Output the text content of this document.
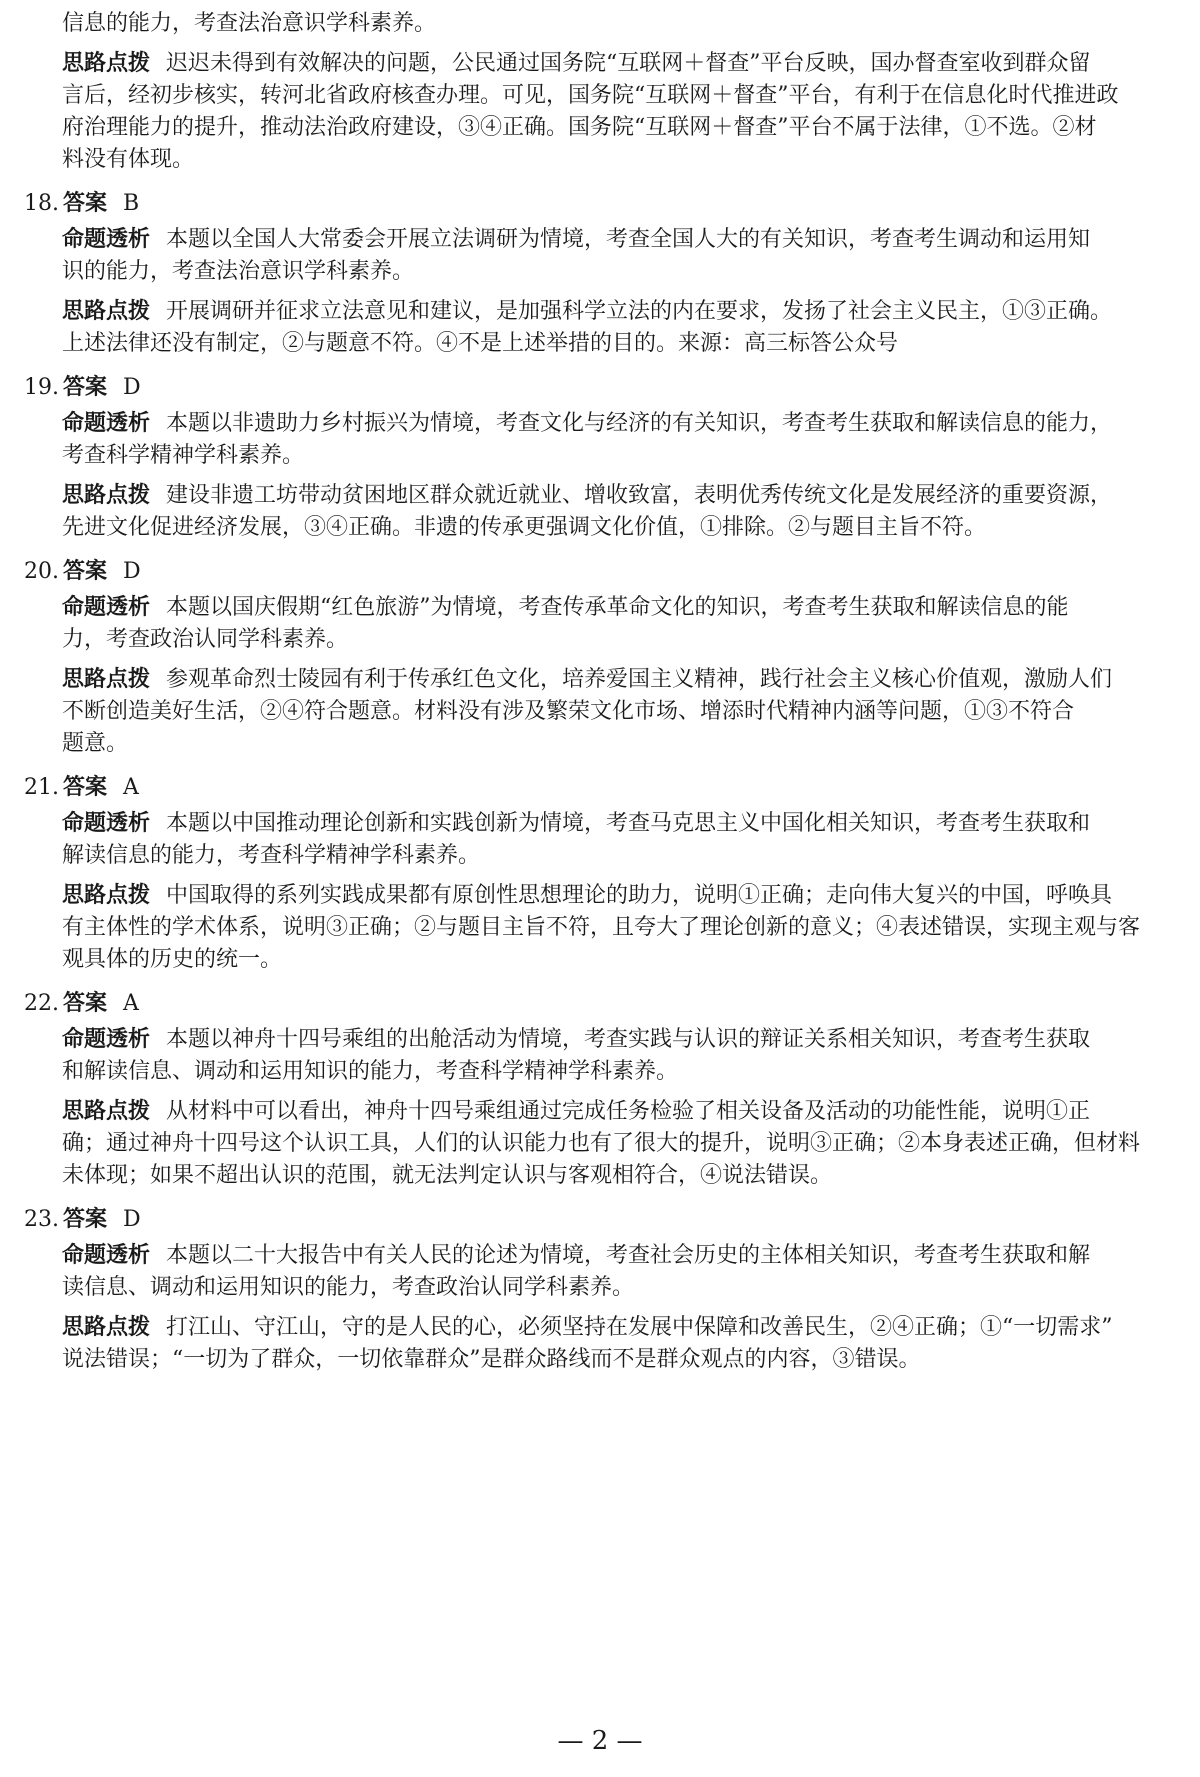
信息的能力，考查法治意识学科素养。
思路点拨 迟迟未得到有效解决的问题，公民通过国务院“互联网＋督查”平台反映，国办督查室收到群众留
言后，经初步核实，转河北省政府核查办理。可见，国务院“互联网＋督查”平台，有利于在信息化时代推进政
府治理能力的提升，推动法治政府建设，③④正确。国务院“互联网＋督查”平台不属于法律，①不选。②材
料没有体现。
18. 答案 B
命题透析 本题以全国人大常委会开展立法调研为情境，考查全国人大的有关知识，考查考生调动和运用知
识的能力，考查法治意识学科素养。
思路点拨 开展调研并征求立法意见和建议，是加强科学立法的内在要求，发扬了社会主义民主，①③正确。
上述法律还没有制定，②与题意不符。④不是上述举措的目的。来源：高三标答公众号
19. 答案 D
命题透析 本题以非遗助力乡村振兴为情境，考查文化与经济的有关知识，考查考生获取和解读信息的能力，
考查科学精神学科素养。
思路点拨 建设非遗工坊带动贫困地区群众就近就业、增收致富，表明优秀传统文化是发展经济的重要资源，
先进文化促进经济发展，③④正确。非遗的传承更强调文化价值，①排除。②与题目主旨不符。
20. 答案 D
命题透析 本题以国庆假期“红色旅游”为情境，考查传承革命文化的知识，考查考生获取和解读信息的能
力，考查政治认同学科素养。
思路点拨 参观革命烈士陵园有利于传承红色文化，培养爱国主义精神，践行社会主义核心价值观，激励人们
不断创造美好生活，②④符合题意。材料没有涉及繁荣文化市场、增添时代精神内涵等问题，①③不符合
题意。
21. 答案 A
命题透析 本题以中国推动理论创新和实践创新为情境，考查马克思主义中国化相关知识，考查考生获取和
解读信息的能力，考查科学精神学科素养。
思路点拨 中国取得的系列实践成果都有原创性思想理论的助力，说明①正确；走向伟大复兴的中国，呼唤具
有主体性的学术体系，说明③正确；②与题目主旨不符，且夸大了理论创新的意义；④表述错误，实现主观与客
观具体的历史的统一。
22. 答案 A
命题透析 本题以神舟十四号乘组的出舱活动为情境，考查实践与认识的辩证关系相关知识，考查考生获取
和解读信息、调动和运用知识的能力，考查科学精神学科素养。
思路点拨 从材料中可以看出，神舟十四号乘组通过完成任务检验了相关设备及活动的功能性能，说明①正
确；通过神舟十四号这个认识工具，人们的认识能力也有了很大的提升，说明③正确；②本身表述正确，但材料
未体现；如果不超出认识的范围，就无法判定认识与客观相符合，④说法错误。
23. 答案 D
命题透析 本题以二十大报告中有关人民的论述为情境，考查社会历史的主体相关知识，考查考生获取和解
读信息、调动和运用知识的能力，考查政治认同学科素养。
思路点拨 打江山、守江山，守的是人民的心，必须坚持在发展中保障和改善民生，②④正确；①“一切需求”
说法错误；“一切为了群众，一切依靠群众”是群众路线而不是群众观点的内容，③错误。
— 2 —
